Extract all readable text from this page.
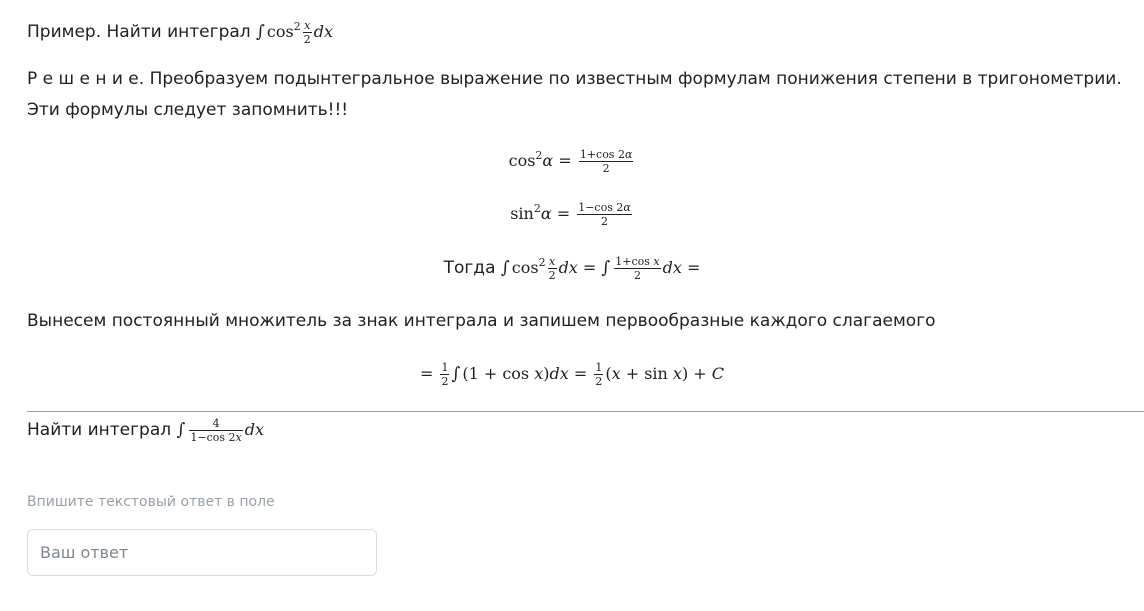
Пример. Найти интеграл ∫ $\cos^2 \frac{x}{2}$ dx
Р е ш е н и е. Преобразуем подынтегральное выражение по известным формулам понижения степени в тригонометрии.
Эти формулы следует запомнить!!!
$\cos^2\alpha = \frac{1+\cos 2\alpha}{2}$
$\sin^2\alpha = \frac{1-\cos 2\alpha}{2}$
Тогда ∫ $\cos^2 \frac{x}{2}$ dx = ∫ $\frac{\text{1+cos x}}{2}$ dx =
Вынесем постоянный множитель за знак интеграла и запишем первообразные каждого слагаемого
= $\frac{1}{2}$ ∫ $(1 + \cos x)dx = \frac{1}{2} (x + \sin x) + C$
Найти интеграл ∫ $\frac{4}{1-\cos 2x}$ dx
Впишите текстовый ответ в поле
Ваш ответ
